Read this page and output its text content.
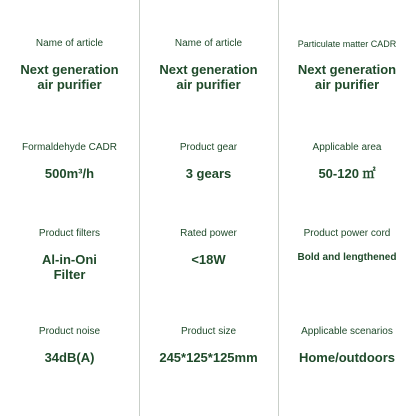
Name of article
Next generation
air purifier
Name of article
Next generation
air purifier
Particulate matter CADR
Next generation
air purifier
Formaldehyde CADR
500m³/h
Product gear
3 gears
Applicable area
50-120 ㎡
Product filters
Al-in-Oni
Filter
Rated power
<18W
Product power cord
Bold and lengthened
Product noise
34dB(A)
Product size
245*125*125mm
Applicable scenarios
Home/outdoors
